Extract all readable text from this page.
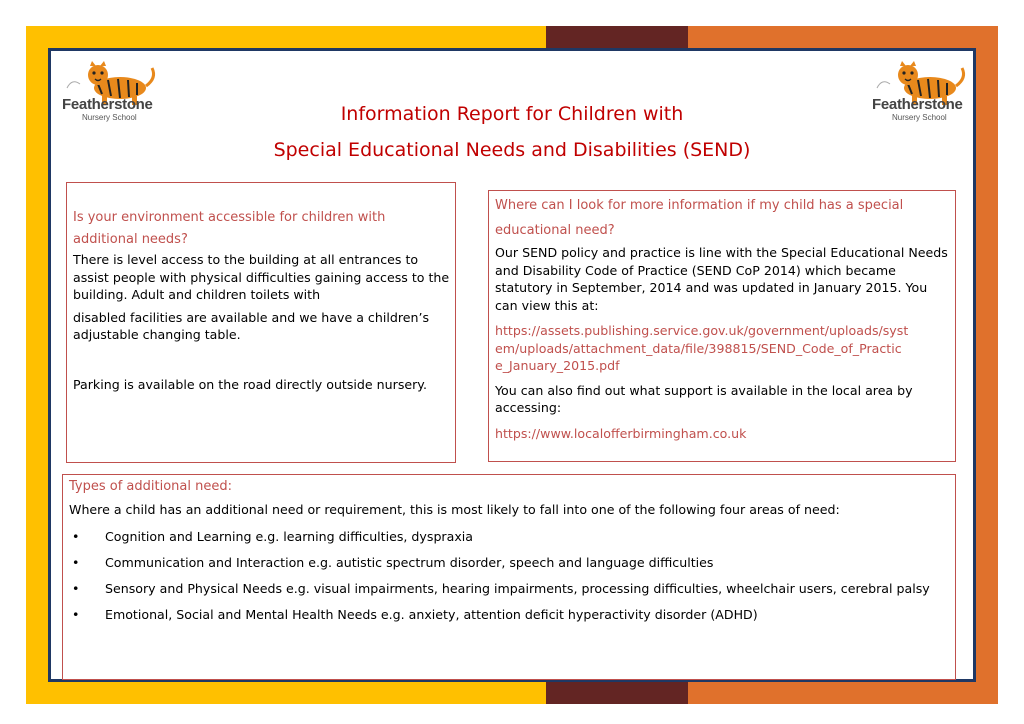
Featherstone
Nursery School
Featherstone
Nursery School
Information Report for Children with
Special Educational Needs and Disabilities (SEND)

Is your environment accessible for children with additional needs?

There is level access to the building at all entrances to assist people with physical difficulties gaining access to the building. Adult and children toilets with

disabled facilities are available and we have a children’s adjustable changing table.

Parking is available on the road directly outside nursery.

Where can I look for more information if my child has a special educational need?

Our SEND policy and practice is line with the Special Educational Needs and Disability Code of Practice (SEND CoP 2014) which became statutory in September, 2014 and was updated in January 2015. You can view this at:

https://assets.publishing.service.gov.uk/government/uploads/system/uploads/attachment_data/file/398815/SEND_Code_of_Practice_January_2015.pdf

You can also find out what support is available in the local area by accessing:

https://www.localofferbirmingham.co.uk

Types of additional need:

Where a child has an additional need or requirement, this is most likely to fall into one of the following four areas of need:

• Cognition and Learning e.g. learning difficulties, dyspraxia
• Communication and Interaction e.g. autistic spectrum disorder, speech and language difficulties
• Sensory and Physical Needs e.g. visual impairments, hearing impairments, processing difficulties, wheelchair users, cerebral palsy
• Emotional, Social and Mental Health Needs e.g. anxiety, attention deficit hyperactivity disorder (ADHD)
